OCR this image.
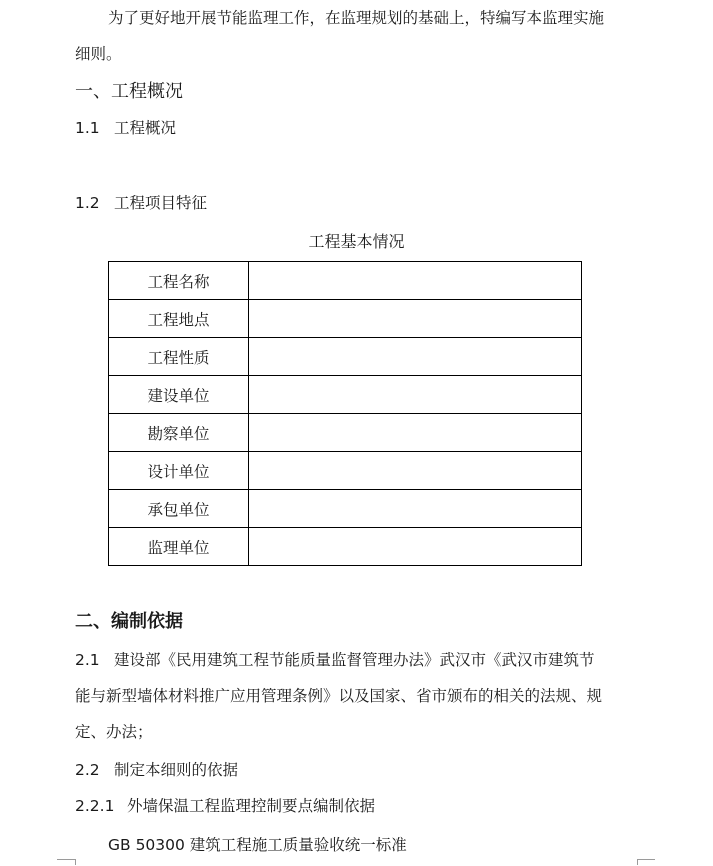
为了更好地开展节能监理工作，在监理规划的基础上，特编写本监理实施
细则。
一、工程概况
1.1 工程概况
1.2 工程项目特征
工程基本情况
工程名称	
工程地点	
工程性质	
建设单位	
勘察单位	
设计单位	
承包单位	
监理单位	
二、编制依据
2.1 建设部《民用建筑工程节能质量监督管理办法》武汉市《武汉市建筑节
能与新型墙体材料推广应用管理条例》以及国家、省市颁布的相关的法规、规
定、办法；
2.2 制定本细则的依据
2.2.1 外墙保温工程监理控制要点编制依据
GB 50300 建筑工程施工质量验收统一标准
